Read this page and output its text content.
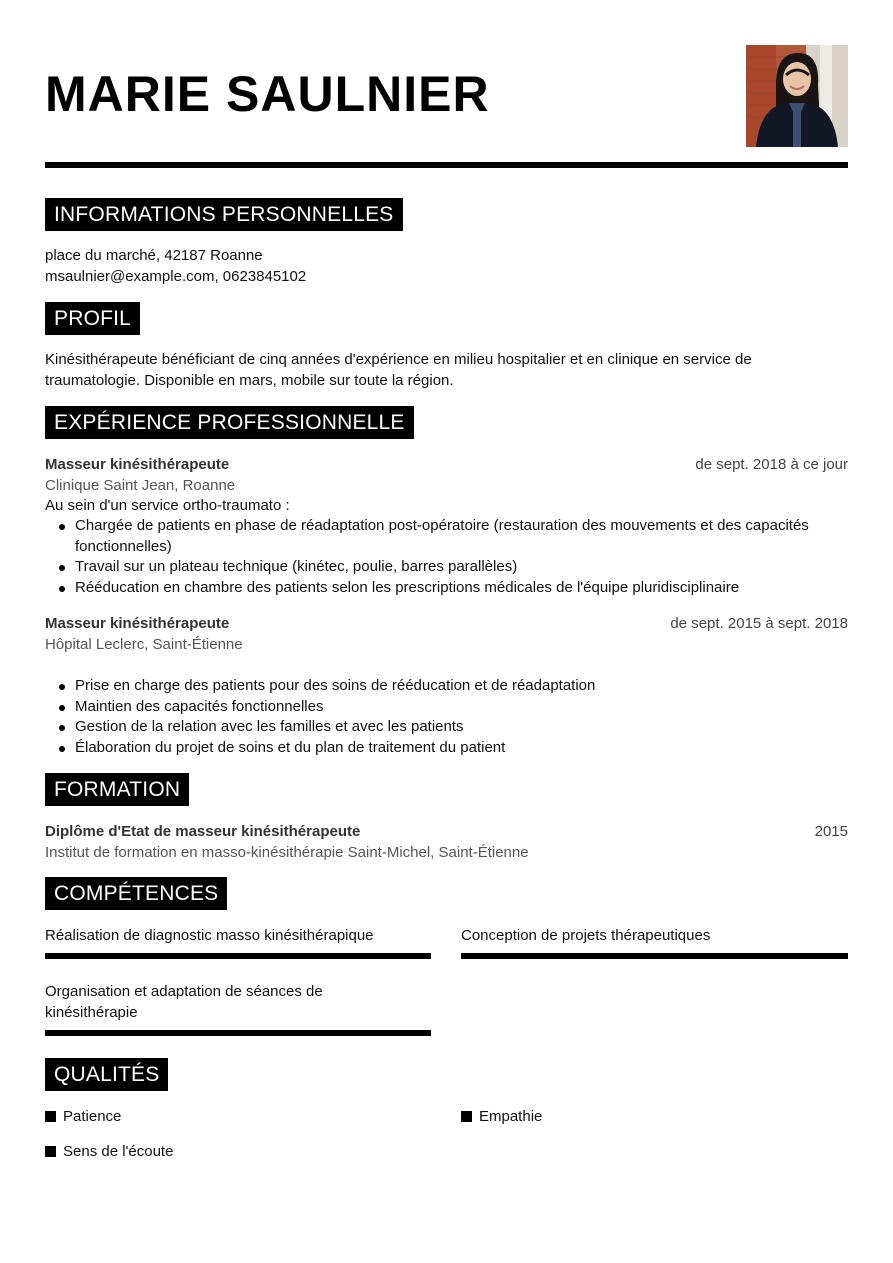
MARIE SAULNIER
INFORMATIONS PERSONNELLES
place du marché, 42187 Roanne
msaulnier@example.com, 0623845102
PROFIL
Kinésithérapeute bénéficiant de cinq années d'expérience en milieu hospitalier et en clinique en service de traumatologie. Disponible en mars, mobile sur toute la région.
EXPÉRIENCE PROFESSIONNELLE
Masseur kinésithérapeute	de sept. 2018 à ce jour
Clinique Saint Jean, Roanne
Au sein d'un service ortho-traumato :
Chargée de patients en phase de réadaptation post-opératoire (restauration des mouvements et des capacités fonctionnelles)
Travail sur un plateau technique (kinétec, poulie, barres parallèles)
Rééducation en chambre des patients selon les prescriptions médicales de l'équipe pluridisciplinaire
Masseur kinésithérapeute	de sept. 2015 à sept. 2018
Hôpital Leclerc, Saint-Étienne
Prise en charge des patients pour des soins de rééducation et de réadaptation
Maintien des capacités fonctionnelles
Gestion de la relation avec les familles et avec les patients
Élaboration du projet de soins et du plan de traitement du patient
FORMATION
Diplôme d'Etat de masseur kinésithérapeute	2015
Institut de formation en masso-kinésithérapie Saint-Michel, Saint-Étienne
COMPÉTENCES
Réalisation de diagnostic masso kinésithérapique	Conception de projets thérapeutiques
Organisation et adaptation de séances de kinésithérapie
QUALITÉS
Patience	Empathie
Sens de l'écoute
